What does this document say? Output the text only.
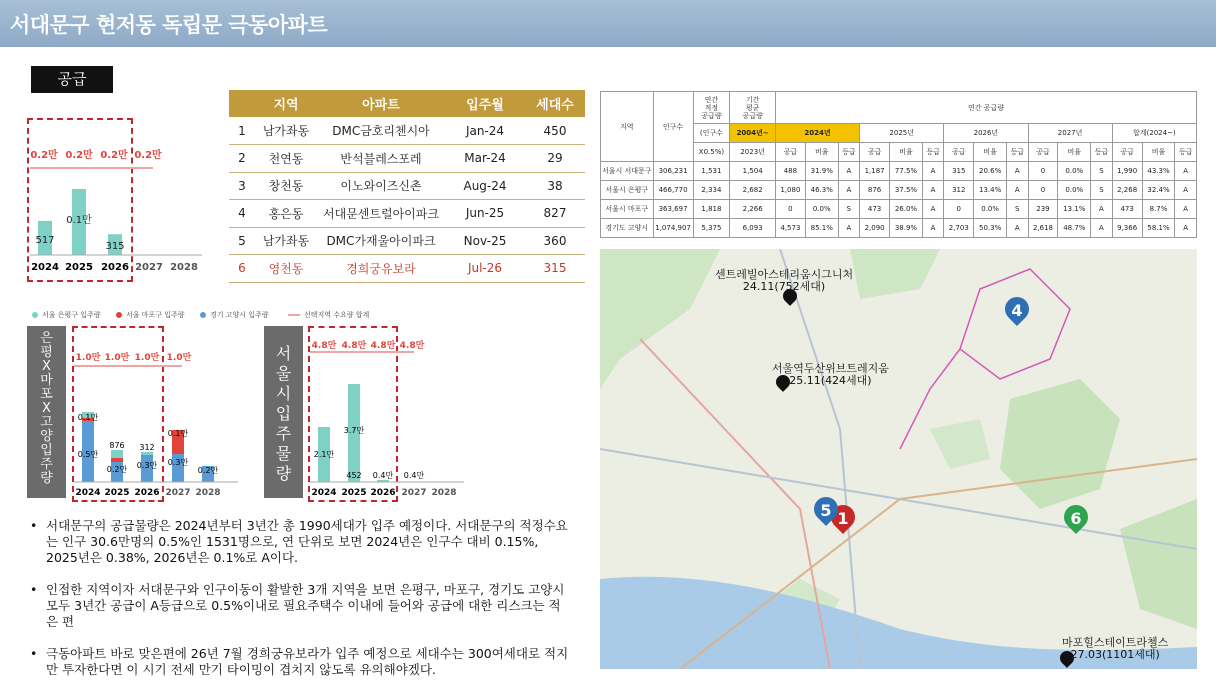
서대문구 현저동 독립문 극동아파트
공급
0.2만 0.2만 0.2만 0.2만
517
0.1만
315
2024 2025 2026 2027 2028
	지역	아파트	입주월	세대수
1	남가좌동	DMC금호리첸시아	Jan-24	450
2	천연동	반석블레스포레	Mar-24	29
3	창천동	이노와이즈신촌	Aug-24	38
4	홍은동	서대문센트럴아이파크	Jun-25	827
5	남가좌동	DMC가재울아이파크	Nov-25	360
6	영천동	경희궁유보라	Jul-26	315
서울 은평구 입주량	서울 마포구 입주량	경기 고양시 입주량	선택지역 수요량 합계
은평X마포X고양 입주량
1.0만 1.0만 1.0만 1.0만
0.1만
876 312
0.1만
0.5만
0.2만 0.3만 0.3만
0.2만
2024 2025 2026 2027 2028
서울시 입주물량
4.8만 4.8만 4.8만 4.8만
2.1만
3.7만
452 0.4만 0.4만
2024 2025 2026 2027 2028
• 서대문구의 공급물량은 2024년부터 3년간 총 1990세대가 입주 예정이다. 서대문구의 적정수요는 인구 30.6만명의 0.5%인 1531명으로, 연 단위로 보면 2024년은 인구수 대비 0.15%, 2025년은 0.38%, 2026년은 0.1%로 A이다.

• 인접한 지역이자 서대문구와 인구이동이 활발한 3개 지역을 보면 은평구, 마포구, 경기도 고양시 모두 3년간 공급이 A등급으로 0.5%이내로 필요주택수 이내에 들어와 공급에 대한 리스크는 적은 편

• 극동아파트 바로 맞은편에 26년 7월 경희궁유보라가 입주 예정으로 세대수는 300여세대로 적지만 투자한다면 이 시기 전세 만기 타이밍이 겹치지 않도록 유의해야겠다.

지역	인구수	연간
적정
공급량	기간
평균
공급량	연간 공급량														
		(인구수	2004년~	2024년			2025년			2026년			2027년			합계(2024~)		
		X0.5%)	2023년	공급	비율	등급	공급	비율	등급	공급	비율	등급	공급	비율	등급	공급	비율	등급
서울시 서대문구	306,231	1,531	1,504	488	31.9%	A	1,187	77.5%	A	315	20.6%	A	0	0.0%	S	1,990	43.3%	A
서울시 은평구	466,770	2,334	2,682	1,080	46.3%	A	876	37.5%	A	312	13.4%	A	0	0.0%	S	2,268	32.4%	A
서울시 마포구	363,697	1,818	2,266	0	0.0%	S	473	26.0%	A	0	0.0%	S	239	13.1%	A	473	8.7%	A
경기도 고양시	1,074,907	5,375	6,093	4,573	85.1%	A	2,090	38.9%	A	2,703	50.3%	A	2,618	48.7%	A	9,366	58.1%	A
센트레빌아스테리움시그니처
24.11(752세대)
서울역두산위브트레지움
25.11(424세대)
마포힐스테이트라첼스
27.03(1101세대)
1
4
5	6
